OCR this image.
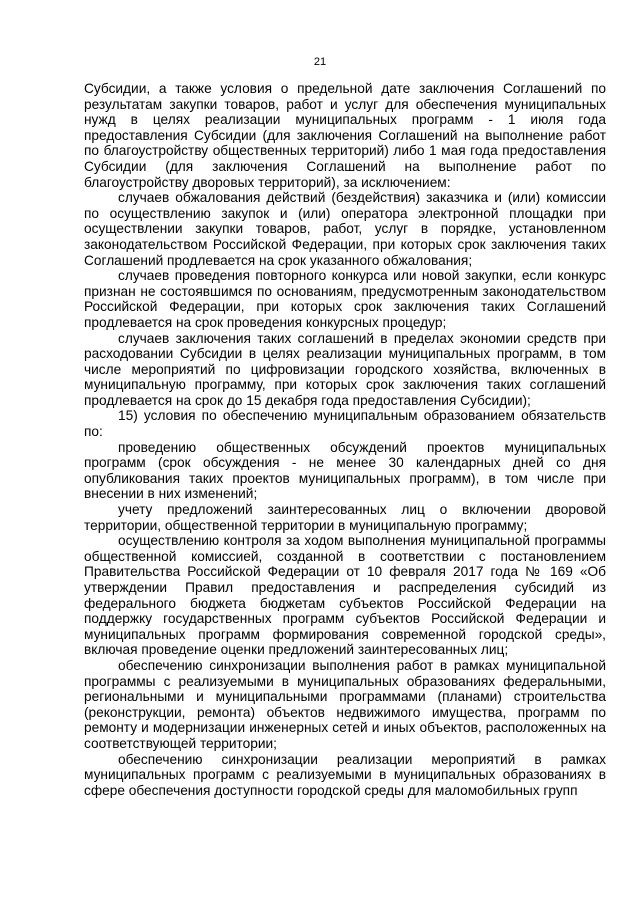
21

Субсидии, а также условия о предельной дате заключения Соглашений по результатам закупки товаров, работ и услуг для обеспечения муниципальных нужд в целях реализации муниципальных программ - 1 июля года предоставления Субсидии (для заключения Соглашений на выполнение работ по благоустройству общественных территорий) либо 1 мая года предоставления Субсидии (для заключения Соглашений на выполнение работ по благоустройству дворовых территорий), за исключением:

случаев обжалования действий (бездействия) заказчика и (или) комиссии по осуществлению закупок и (или) оператора электронной площадки при осуществлении закупки товаров, работ, услуг в порядке, установленном законодательством Российской Федерации, при которых срок заключения таких Соглашений продлевается на срок указанного обжалования;

случаев проведения повторного конкурса или новой закупки, если конкурс признан не состоявшимся по основаниям, предусмотренным законодательством Российской Федерации, при которых срок заключения таких Соглашений продлевается на срок проведения конкурсных процедур;

случаев заключения таких соглашений в пределах экономии средств при расходовании Субсидии в целях реализации муниципальных программ, в том числе мероприятий по цифровизации городского хозяйства, включенных в муниципальную программу, при которых срок заключения таких соглашений продлевается на срок до 15 декабря года предоставления Субсидии);

15) условия по обеспечению муниципальным образованием обязательств по:

проведению общественных обсуждений проектов муниципальных программ (срок обсуждения - не менее 30 календарных дней со дня опубликования таких проектов муниципальных программ), в том числе при внесении в них изменений;

учету предложений заинтересованных лиц о включении дворовой территории, общественной территории в муниципальную программу;

осуществлению контроля за ходом выполнения муниципальной программы общественной комиссией, созданной в соответствии с постановлением Правительства Российской Федерации от 10 февраля 2017 года № 169 «Об утверждении Правил предоставления и распределения субсидий из федерального бюджета бюджетам субъектов Российской Федерации на поддержку государственных программ субъектов Российской Федерации и муниципальных программ формирования современной городской среды», включая проведение оценки предложений заинтересованных лиц;

обеспечению синхронизации выполнения работ в рамках муниципальной программы с реализуемыми в муниципальных образованиях федеральными, региональными и муниципальными программами (планами) строительства (реконструкции, ремонта) объектов недвижимого имущества, программ по ремонту и модернизации инженерных сетей и иных объектов, расположенных на соответствующей территории;

обеспечению синхронизации реализации мероприятий в рамках муниципальных программ с реализуемыми в муниципальных образованиях в сфере обеспечения доступности городской среды для маломобильных групп
